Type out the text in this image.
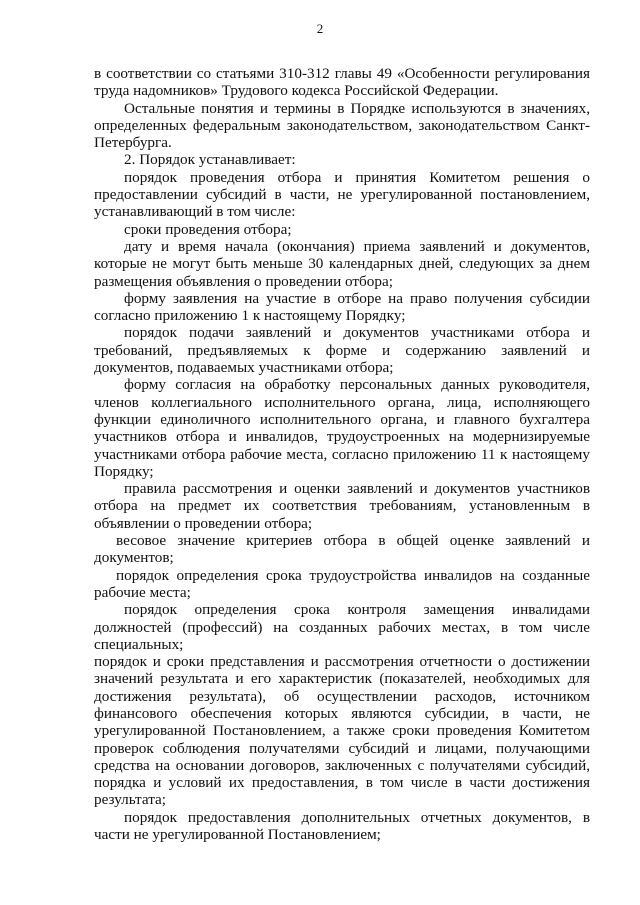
2

в соответствии со статьями 310-312 главы 49 «Особенности регулирования труда надомников» Трудового кодекса Российской Федерации.

Остальные понятия и термины в Порядке используются в значениях, определенных федеральным законодательством, законодательством Санкт-Петербурга.

2. Порядок устанавливает:

порядок проведения отбора и принятия Комитетом решения о предоставлении субсидий в части, не урегулированной постановлением, устанавливающий в том числе:

сроки проведения отбора;

дату и время начала (окончания) приема заявлений и документов, которые не могут быть меньше 30 календарных дней, следующих за днем размещения объявления о проведении отбора;

форму заявления на участие в отборе на право получения субсидии согласно приложению 1 к настоящему Порядку;

порядок подачи заявлений и документов участниками отбора и требований, предъявляемых к форме и содержанию заявлений и документов, подаваемых участниками отбора;

форму согласия на обработку персональных данных руководителя, членов коллегиального исполнительного органа, лица, исполняющего функции единоличного исполнительного органа, и главного бухгалтера участников отбора и инвалидов, трудоустроенных на модернизируемые участниками отбора рабочие места, согласно приложению 11 к настоящему Порядку;

правила рассмотрения и оценки заявлений и документов участников отбора на предмет их соответствия требованиям, установленным в объявлении о проведении отбора;

весовое значение критериев отбора в общей оценке заявлений и документов;

порядок определения срока трудоустройства инвалидов на созданные рабочие места;

порядок определения срока контроля замещения инвалидами должностей (профессий) на созданных рабочих местах, в том числе специальных;

порядок и сроки представления и рассмотрения отчетности о достижении значений результата и его характеристик (показателей, необходимых для достижения результата), об осуществлении расходов, источником финансового обеспечения которых являются субсидии, в части, не урегулированной Постановлением, а также сроки проведения Комитетом проверок соблюдения получателями субсидий и лицами, получающими средства на основании договоров, заключенных с получателями субсидий, порядка и условий их предоставления, в том числе в части достижения результата;

порядок предоставления дополнительных отчетных документов, в части не урегулированной Постановлением;
